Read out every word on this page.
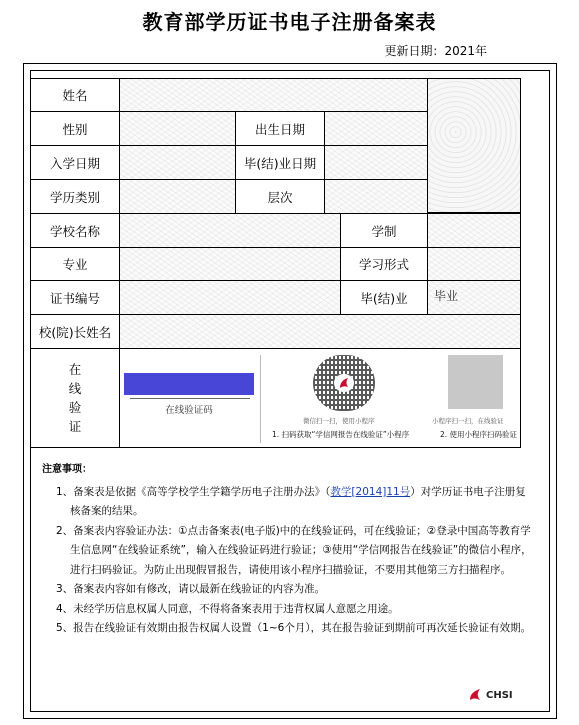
教育部学历证书电子注册备案表
更新日期：2021年
姓名
性别	出生日期
入学日期	毕(结)业日期
学历类别	层次
学校名称	学制
专业	学习形式
证书编号	毕(结)业	毕业
校(院)长姓名
在
线
验
证
在线验证码
微信扫一扫，使用小程序
1. 扫码获取“学信网报告在线验证”小程序
小程序扫一扫，在线验证
2. 使用小程序扫码验证
注意事项：
1、备案表是依据《高等学校学生学籍学历电子注册办法》（教学[2014]11号）对学历证书电子注册复核备案的结果。
2、备案表内容验证办法：①点击备案表(电子版)中的在线验证码，可在线验证；②登录中国高等教育学生信息网“在线验证系统”，输入在线验证码进行验证；③使用“学信网报告在线验证”的微信小程序，进行扫码验证。为防止出现假冒报告，请使用该小程序扫描验证，不要用其他第三方扫描程序。
3、备案表内容如有修改，请以最新在线验证的内容为准。
4、未经学历信息权属人同意，不得将备案表用于违背权属人意愿之用途。
5、报告在线验证有效期由报告权属人设置（1~6个月），其在报告验证到期前可再次延长验证有效期。
CHSI
